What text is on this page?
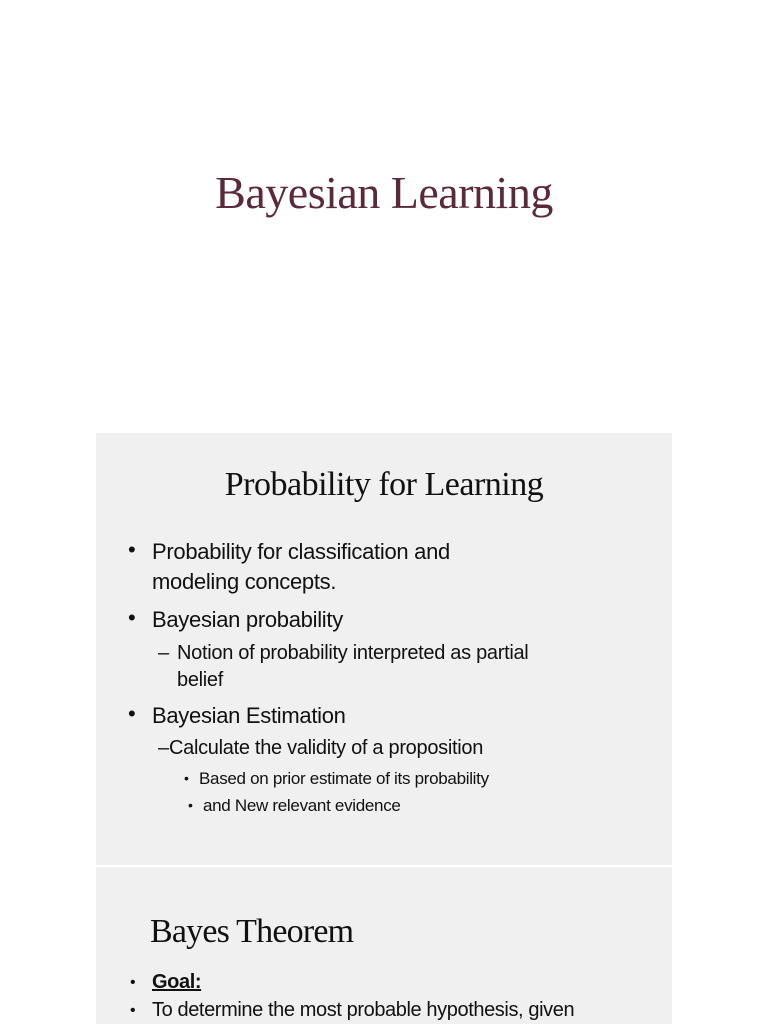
Bayesian Learning
Probability for Learning
• Probability for classification and
modeling concepts.
• Bayesian probability
– Notion of probability interpreted as partial
belief
• Bayesian Estimation
– Calculate the validity of a proposition
• Based on prior estimate of its probability
• and New relevant evidence
Bayes Theorem
• Goal:
• To determine the most probable hypothesis, given
